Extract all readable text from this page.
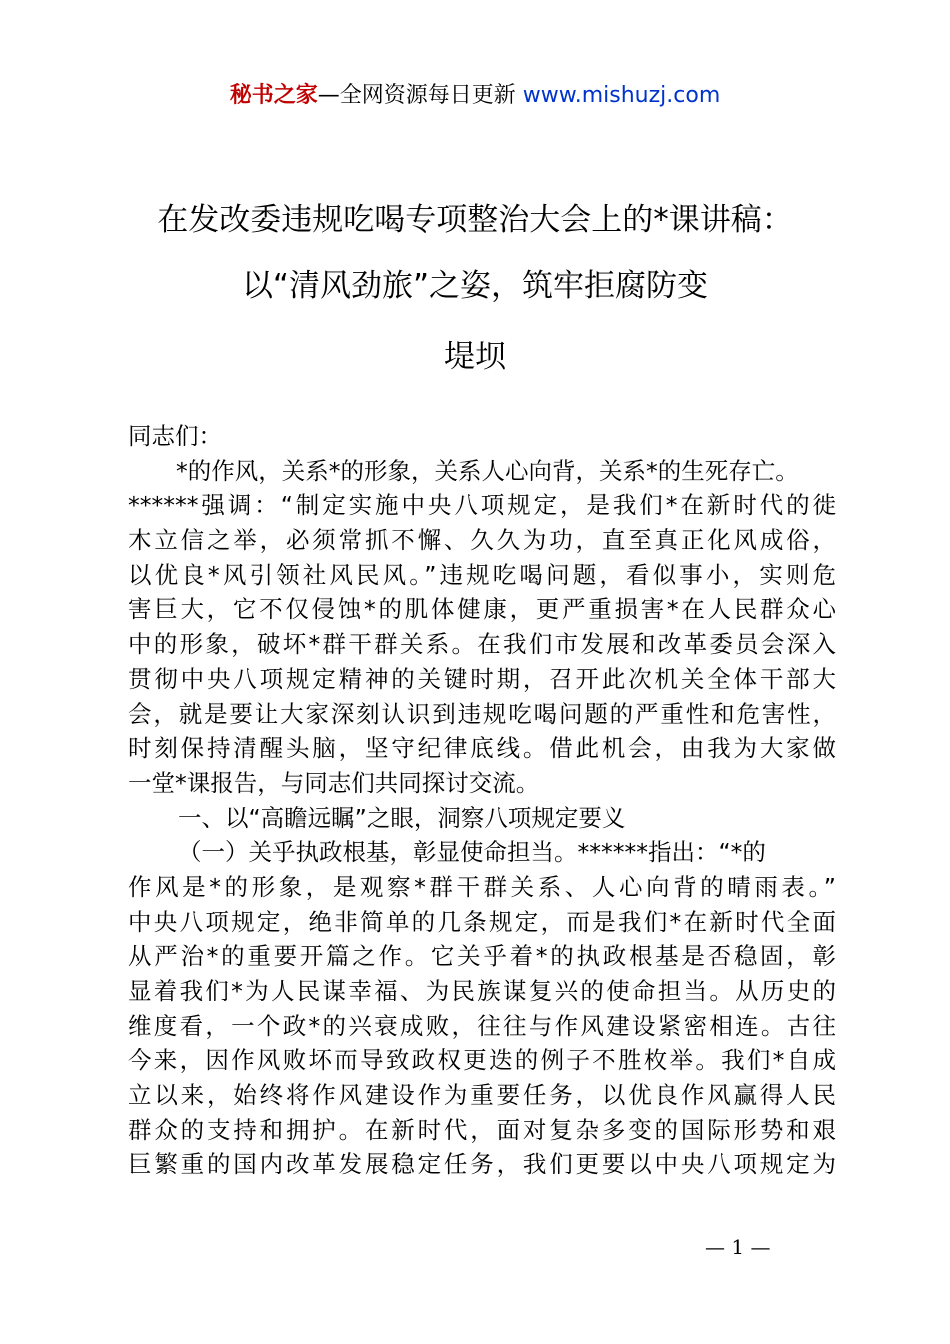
秘书之家—全网资源每日更新 www.mishuzj.com
在发改委违规吃喝专项整治大会上的*课讲稿：
以“清风劲旅”之姿，筑牢拒腐防变
堤坝
同志们：
*的作风，关系*的形象，关系人心向背，关系*的生死存亡。
******强调：“制定实施中央八项规定，是我们*在新时代的徙
木立信之举，必须常抓不懈、久久为功，直至真正化风成俗，
以优良*风引领社风民风。”违规吃喝问题，看似事小，实则危
害巨大，它不仅侵蚀*的肌体健康，更严重损害*在人民群众心
中的形象，破坏*群干群关系。在我们市发展和改革委员会深入
贯彻中央八项规定精神的关键时期，召开此次机关全体干部大
会，就是要让大家深刻认识到违规吃喝问题的严重性和危害性，
时刻保持清醒头脑，坚守纪律底线。借此机会，由我为大家做
一堂*课报告，与同志们共同探讨交流。
一、以“高瞻远瞩”之眼，洞察八项规定要义
（一）关乎执政根基，彰显使命担当。******指出：“*的
作风是*的形象，是观察*群干群关系、人心向背的晴雨表。”
中央八项规定，绝非简单的几条规定，而是我们*在新时代全面
从严治*的重要开篇之作。它关乎着*的执政根基是否稳固，彰
显着我们*为人民谋幸福、为民族谋复兴的使命担当。从历史的
维度看，一个政*的兴衰成败，往往与作风建设紧密相连。古往
今来，因作风败坏而导致政权更迭的例子不胜枚举。我们*自成
立以来，始终将作风建设作为重要任务，以优良作风赢得人民
群众的支持和拥护。在新时代，面对复杂多变的国际形势和艰
巨繁重的国内改革发展稳定任务，我们更要以中央八项规定为
— 1 —
